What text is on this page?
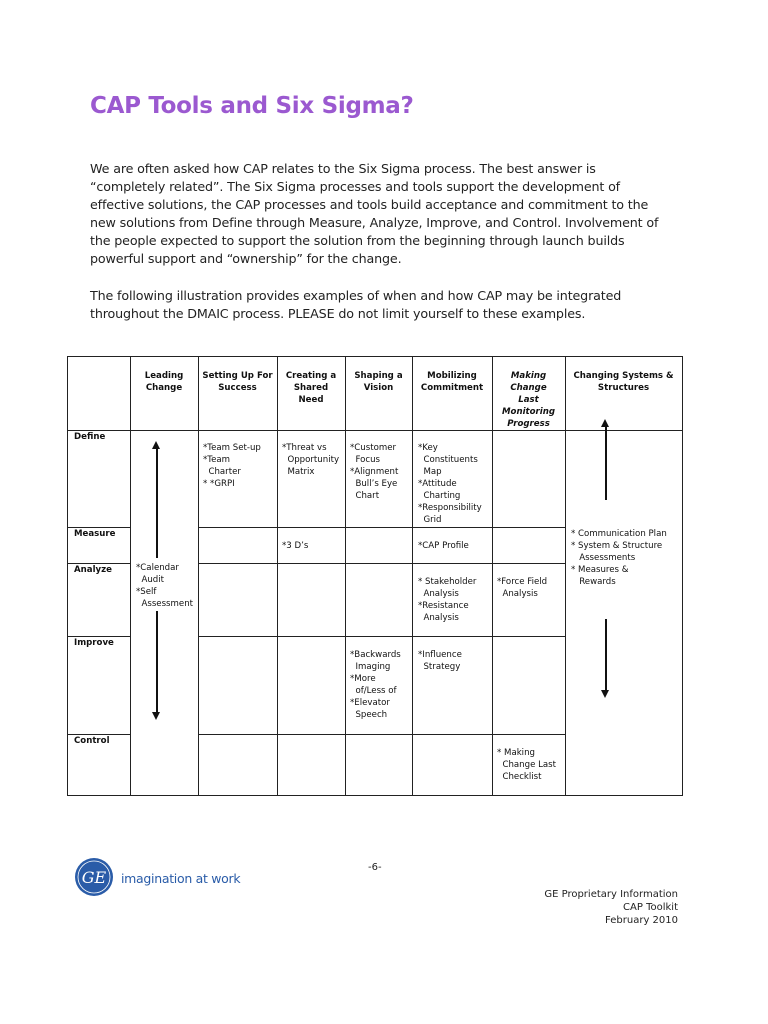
CAP Tools and Six Sigma?
We are often asked how CAP relates to the Six Sigma process. The best answer is
“completely related”. The Six Sigma processes and tools support the development of
effective solutions, the CAP processes and tools build acceptance and commitment to the
new solutions from Define through Measure, Analyze, Improve, and Control. Involvement of
the people expected to support the solution from the beginning through launch builds
powerful support and “ownership” for the change.
The following illustration provides examples of when and how CAP may be integrated
throughout the DMAIC process. PLEASE do not limit yourself to these examples.
Leading
Change
Setting Up For
Success
Creating a
Shared
Need
Shaping a
Vision
Mobilizing
Commitment
Making
Change
Last
Monitoring
Progress
Changing Systems &
Structures
Define
Measure
Analyze
Improve
Control
*Calendar
Audit
*Self
Assessment
*Team Set-up
*Team
Charter
* *GRPI
*Threat vs
Opportunity
Matrix
*Customer
Focus
*Alignment
Bull’s Eye
Chart
*Key
Constituents
Map
*Attitude
Charting
*Responsibility
Grid
*3 D’s	*CAP Profile
* Stakeholder
Analysis
*Resistance
Analysis
*Force Field
Analysis
*Backwards
Imaging
*More
of/Less of
*Elevator
Speech
*Influence
Strategy
* Making
Change Last
Checklist
* Communication Plan
* System & Structure
Assessments
* Measures &
Rewards
GE imagination at work
-6-
GE Proprietary Information
CAP Toolkit
February 2010
